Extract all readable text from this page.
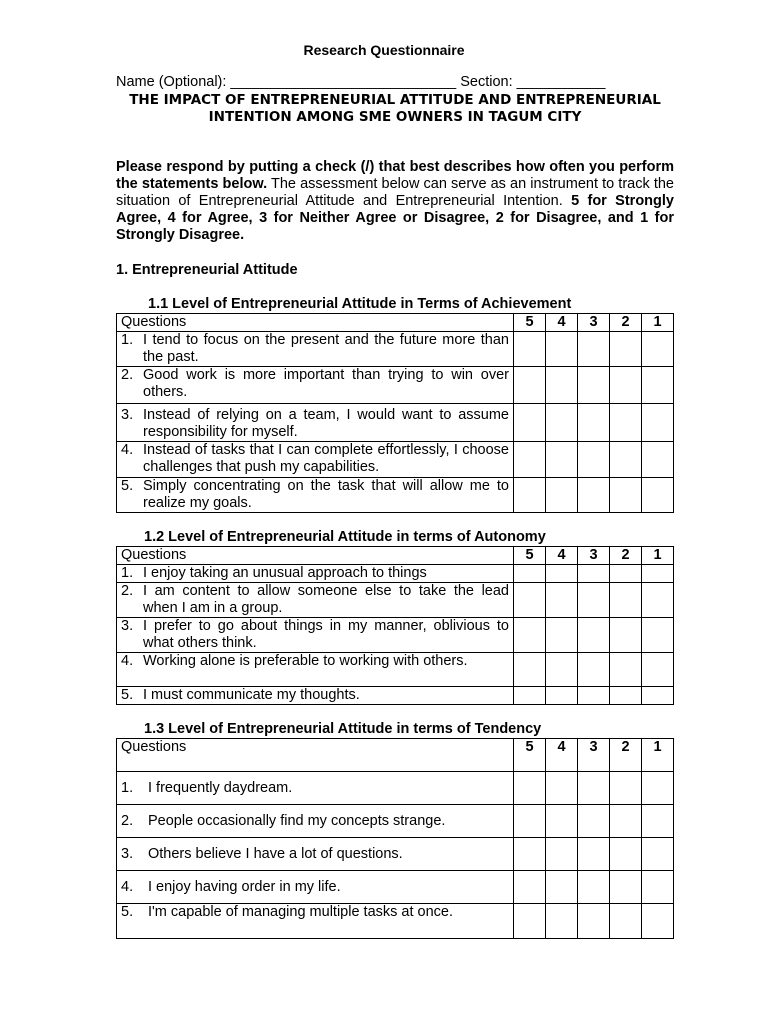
Research Questionnaire
Name (Optional): ____________________________ Section: ___________
THE IMPACT OF ENTREPRENEURIAL ATTITUDE AND ENTREPRENEURIAL INTENTION AMONG SME OWNERS IN TAGUM CITY
Please respond by putting a check (/) that best describes how often you perform the statements below. The assessment below can serve as an instrument to track the situation of Entrepreneurial Attitude and Entrepreneurial Intention. 5 for Strongly Agree, 4 for Agree, 3 for Neither Agree or Disagree, 2 for Disagree, and 1 for Strongly Disagree.
1. Entrepreneurial Attitude
1.1 Level of Entrepreneurial Attitude in Terms of Achievement
Questions	5	4	3	2	1

1. I tend to focus on the present and the future more than the past.					

2. Good work is more important than trying to win over others.					

3. Instead of relying on a team, I would want to assume responsibility for myself.					

4. Instead of tasks that I can complete effortlessly, I choose challenges that push my capabilities.					

5. Simply concentrating on the task that will allow me to realize my goals.					

1.2 Level of Entrepreneurial Attitude in terms of Autonomy
Questions	5	4	3	2	1

1. I enjoy taking an unusual approach to things					

2. I am content to allow someone else to take the lead when I am in a group.					

3. I prefer to go about things in my manner, oblivious to what others think.					

4. Working alone is preferable to working with others.					

5. I must communicate my thoughts.					

1.3 Level of Entrepreneurial Attitude in terms of Tendency
Questions	5	4	3	2	1

1. I frequently daydream.					

2. People occasionally find my concepts strange.					

3. Others believe I have a lot of questions.					

4. I enjoy having order in my life.					

5. I'm capable of managing multiple tasks at once.					
